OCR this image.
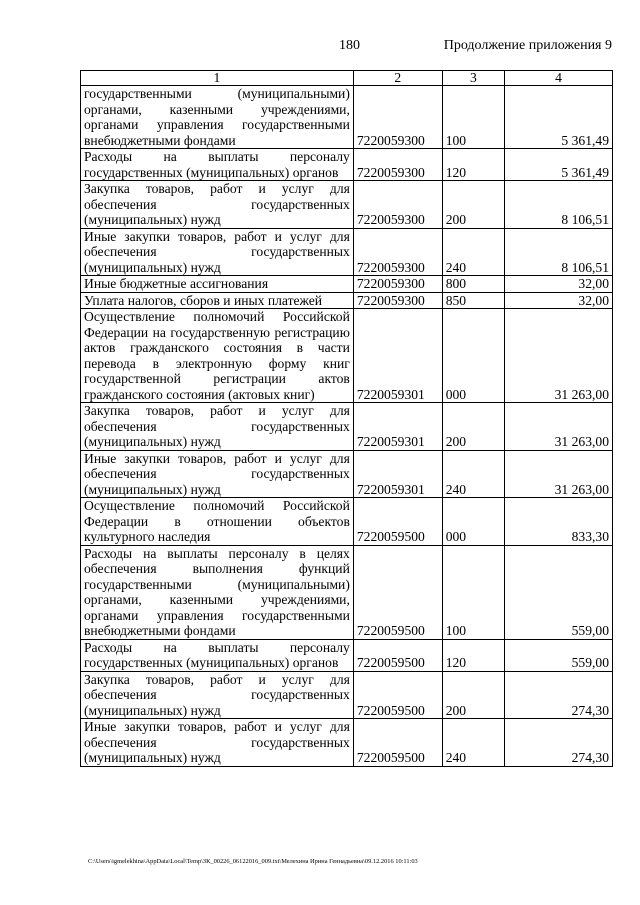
180	Продолжение приложения 9
1	2	3	4
государственными (муниципальными) органами, казенными учреждениями, органами управления государственными внебюджетными фондами	7220059300	100	5 361,49
Расходы на выплаты персоналу государственных (муниципальных) органов	7220059300	120	5 361,49
Закупка товаров, работ и услуг для обеспечения государственных (муниципальных) нужд	7220059300	200	8 106,51
Иные закупки товаров, работ и услуг для обеспечения государственных (муниципальных) нужд	7220059300	240	8 106,51
Иные бюджетные ассигнования	7220059300	800	32,00
Уплата налогов, сборов и иных платежей	7220059300	850	32,00
Осуществление полномочий Российской Федерации на государственную регистрацию актов гражданского состояния в части перевода в электронную форму книг государственной регистрации актов гражданского состояния (актовых книг)	7220059301	000	31 263,00
Закупка товаров, работ и услуг для обеспечения государственных (муниципальных) нужд	7220059301	200	31 263,00
Иные закупки товаров, работ и услуг для обеспечения государственных (муниципальных) нужд	7220059301	240	31 263,00
Осуществление полномочий Российской Федерации в отношении объектов культурного наследия	7220059500	000	833,30
Расходы на выплаты персоналу в целях обеспечения выполнения функций государственными (муниципальными) органами, казенными учреждениями, органами управления государственными внебюджетными фондами	7220059500	100	559,00
Расходы на выплаты персоналу государственных (муниципальных) органов	7220059500	120	559,00
Закупка товаров, работ и услуг для обеспечения государственных (муниципальных) нужд	7220059500	200	274,30
Иные закупки товаров, работ и услуг для обеспечения государственных (муниципальных) нужд	7220059500	240	274,30
C:\Users\igmelekhina\AppData\Local\Temp\ЗК_00226_06122016_009.txt\Мелехина Ирина Геннадьевна\09.12.2016 10:11:03
